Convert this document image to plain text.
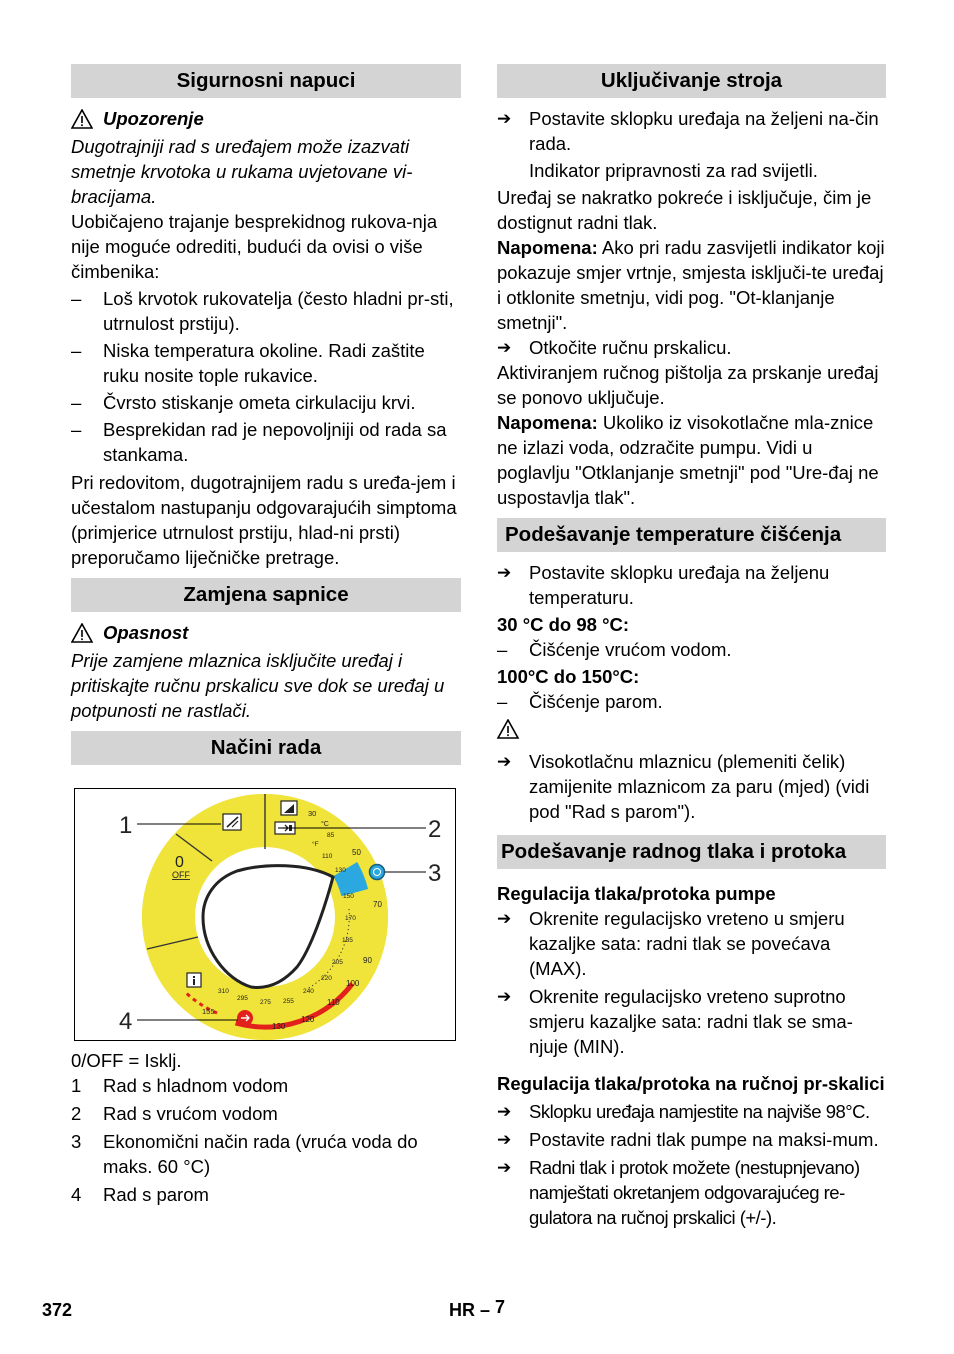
Sigurnosni napuci
Upozorenje

Dugotrajniji rad s uređajem može izazvati smetnje krvotoka u rukama uvjetovane vi-bracijama.

Uobičajeno trajanje besprekidnog rukova-nja nije moguće odrediti, budući da ovisi o više čimbenika:

–	Loš krvotok rukovatelja (često hladni pr-sti, utrnulost prstiju).
–	Niska temperatura okoline. Radi zaštite ruku nosite tople rukavice.
–	Čvrsto stiskanje ometa cirkulaciju krvi.
–	Besprekidan rad je nepovoljniji od rada sa stankama.

Pri redovitom, dugotrajnijem radu s uređa-jem i učestalom nastupanju odgovarajućih simptoma (primjerice utrnulost prstiju, hlad-ni prsti) preporučamo liječničke pretrage.

Zamjena sapnice
Opasnost

Prije zamjene mlaznica isključite uređaj i pritiskajte ručnu prskalicu sve dok se uređaj u potpunosti ne rastlači.

Načini rada
0
OFF
°C
°F
30
50
70
90
100
110
120
130
85
110
130
150
170
185
205
220
240
255
275
295
310
155
1	2
3
4

0/OFF = Isklj.

1	Rad s hladnom vodom
2	Rad s vrućom vodom
3	Ekonomični način rada (vruća voda do maks. 60 °C)
4	Rad s parom
Uključivanje stroja
➔ Postavite sklopku uređaja na željeni na-čin rada.

Indikator pripravnosti za rad svijetli.

Uređaj se nakratko pokreće i isključuje, čim je dostignut radni tlak.

Napomena: Ako pri radu zasvijetli indikator koji pokazuje smjer vrtnje, smjesta isključi-te uređaj i otklonite smetnju, vidi pog. "Ot-klanjanje smetnji".

➔ Otkočite ručnu prskalicu.

Aktiviranjem ručnog pištolja za prskanje uređaj se ponovo uključuje.

Napomena: Ukoliko iz visokotlačne mla-znice ne izlazi voda, odzračite pumpu. Vidi u poglavlju "Otklanjanje smetnji" pod "Ure-đaj ne uspostavlja tlak".

Podešavanje temperature čišćenja
➔ Postavite sklopku uređaja na željenu temperaturu.

30 °C do 98 °C:

–	Čišćenje vrućom vodom.

100°C do 150°C:

–	Čišćenje parom.
➔ Visokotlačnu mlaznicu (plemeniti čelik) zamijenite mlaznicom za paru (mjed) (vidi pod "Rad s parom").
Podešavanje radnog tlaka i protoka

Regulacija tlaka/protoka pumpe

➔ Okrenite regulacijsko vreteno u smjeru kazaljke sata: radni tlak se povećava (MAX).
➔ Okrenite regulacijsko vreteno suprotno smjeru kazaljke sata: radni tlak se sma-njuje (MIN).

Regulacija tlaka/protoka na ručnoj pr-skalici

➔ Sklopku uređaja namjestite na najviše 98°C.
➔ Postavite radni tlak pumpe na maksi-mum.
➔ Radni tlak i protok možete (nestupnjevano) namještati okretanjem odgovarajućeg re-gulatora na ručnoj prskalici (+/-).
372	HR – 7
